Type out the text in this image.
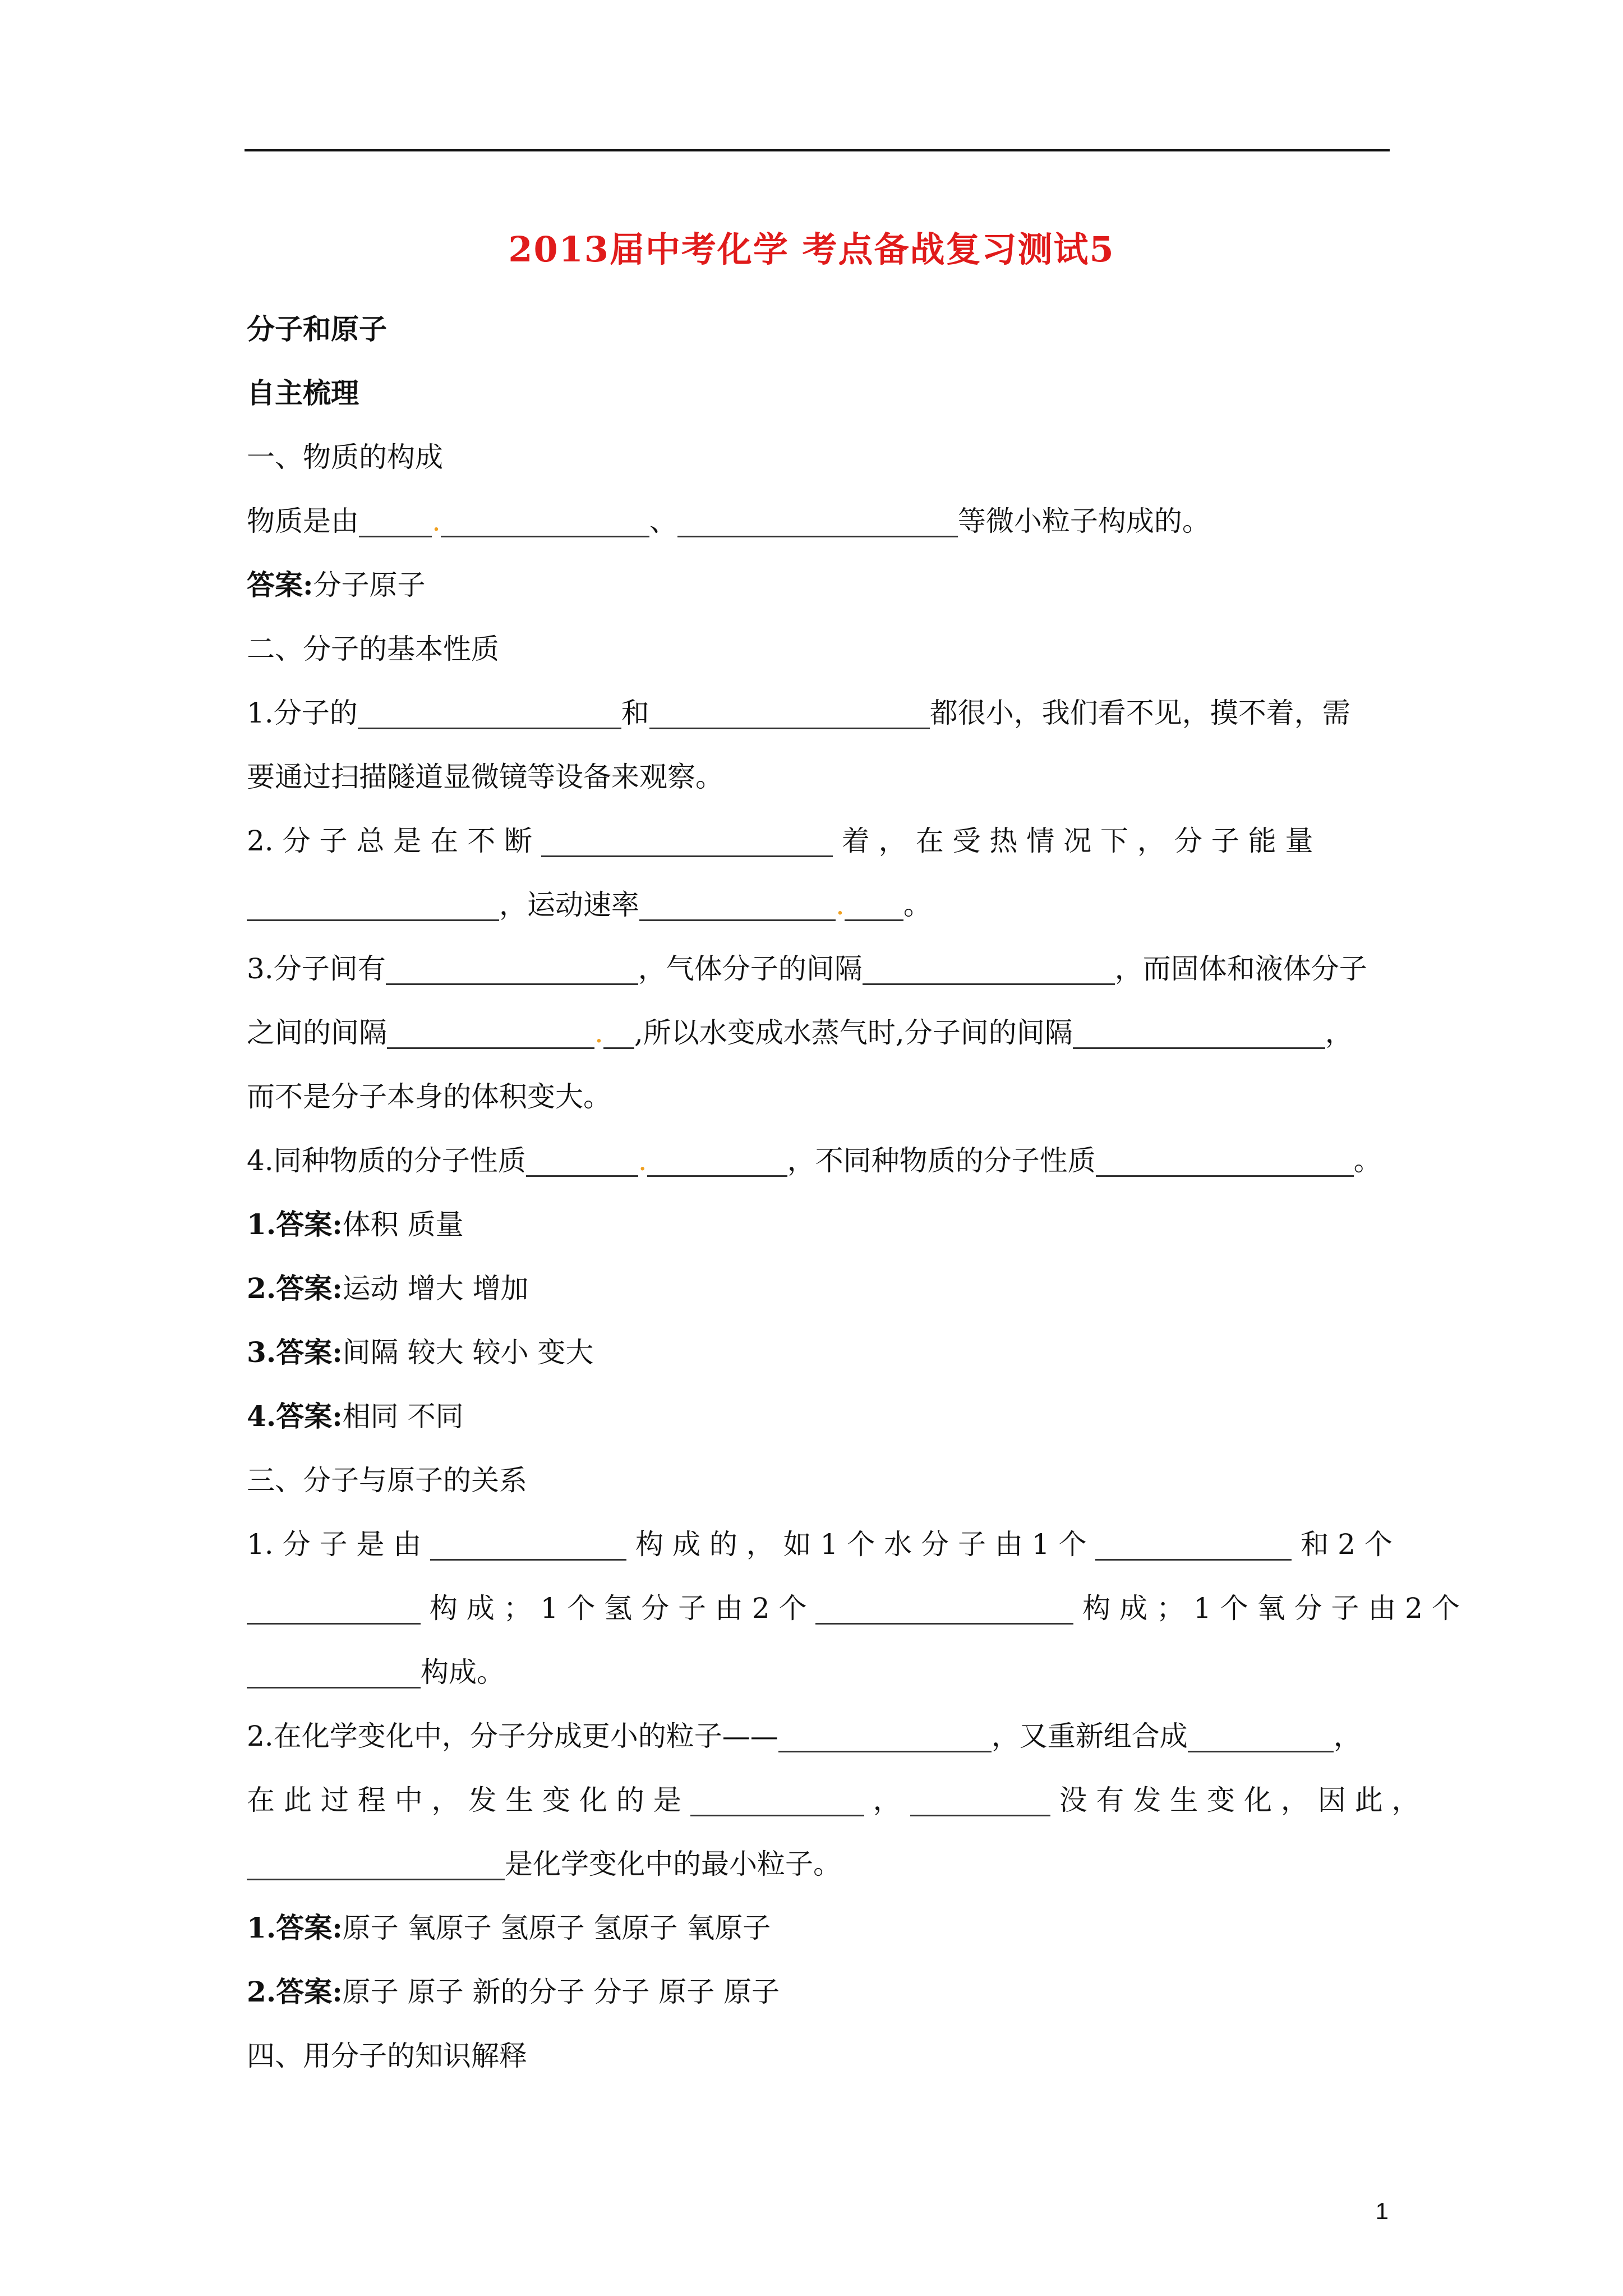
2013届中考化学 考点备战复习测试5

分子和原子

自主梳理

一、物质的构成

物质是由	.	、	等微小粒子构成的。

答案:分子原子

二、分子的基本性质

1.分子的	和	都很小，我们看不见，摸不着，需

要通过扫描隧道显微镜等设备来观察。

2. 分 子 总 是 在 不 断	着 ， 在 受 热 情 况 下 ， 分 子 能 量

，运动速率	. 。

3.分子间有	，气体分子的间隔	，而固体和液体分子

之间的间隔	. ,所以水变成水蒸气时,分子间的间隔	，

而不是分子本身的体积变大。

4.同种物质的分子性质	.	，不同种物质的分子性质	。

1.答案:体积 质量

2.答案:运动 增大 增加

3.答案:间隔 较大 较小 变大

4.答案:相同 不同

三、分子与原子的关系

1. 分 子 是 由	构 成 的 ， 如 1 个 水 分 子 由 1 个	和 2 个

构 成 ； 1 个 氢 分 子 由 2 个	构 成 ； 1 个 氧 分 子 由 2 个

构成。

2.在化学变化中，分子分成更小的粒子——	，又重新组合成	，

在 此 过 程 中 ， 发 生 变 化 的 是	，	没 有 发 生 变 化 ， 因 此 ，

是化学变化中的最小粒子。

1.答案:原子 氧原子 氢原子 氢原子 氧原子

2.答案:原子 原子 新的分子 分子 原子 原子

四、用分子的知识解释

1
